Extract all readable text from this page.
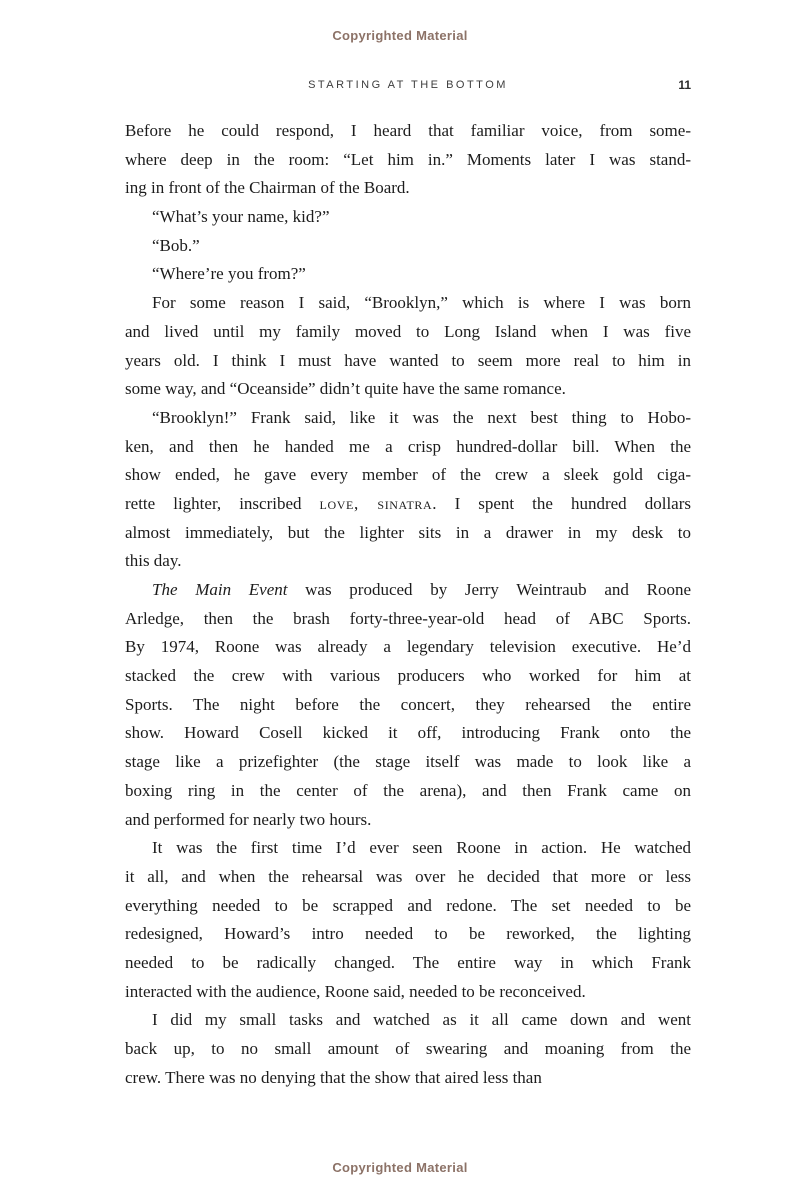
Copyrighted Material
STARTING AT THE BOTTOM	11
Before he could respond, I heard that familiar voice, from some-
where deep in the room: “Let him in.” Moments later I was stand-
ing in front of the Chairman of the Board.
“What’s your name, kid?”
“Bob.”
“Where’re you from?”
For some reason I said, “Brooklyn,” which is where I was born
and lived until my family moved to Long Island when I was five
years old. I think I must have wanted to seem more real to him in
some way, and “Oceanside” didn’t quite have the same romance.
“Brooklyn!” Frank said, like it was the next best thing to Hobo-
ken, and then he handed me a crisp hundred-dollar bill. When the
show ended, he gave every member of the crew a sleek gold ciga-
rette lighter, inscribed love, sinatra. I spent the hundred dollars
almost immediately, but the lighter sits in a drawer in my desk to
this day.
The Main Event was produced by Jerry Weintraub and Roone
Arledge, then the brash forty-three-year-old head of ABC Sports.
By 1974, Roone was already a legendary television executive. He’d
stacked the crew with various producers who worked for him at
Sports. The night before the concert, they rehearsed the entire
show. Howard Cosell kicked it off, introducing Frank onto the
stage like a prizefighter (the stage itself was made to look like a
boxing ring in the center of the arena), and then Frank came on
and performed for nearly two hours.
It was the first time I’d ever seen Roone in action. He watched
it all, and when the rehearsal was over he decided that more or less
everything needed to be scrapped and redone. The set needed to be
redesigned, Howard’s intro needed to be reworked, the lighting
needed to be radically changed. The entire way in which Frank
interacted with the audience, Roone said, needed to be reconceived.
I did my small tasks and watched as it all came down and went
back up, to no small amount of swearing and moaning from the
crew. There was no denying that the show that aired less than
Copyrighted Material
